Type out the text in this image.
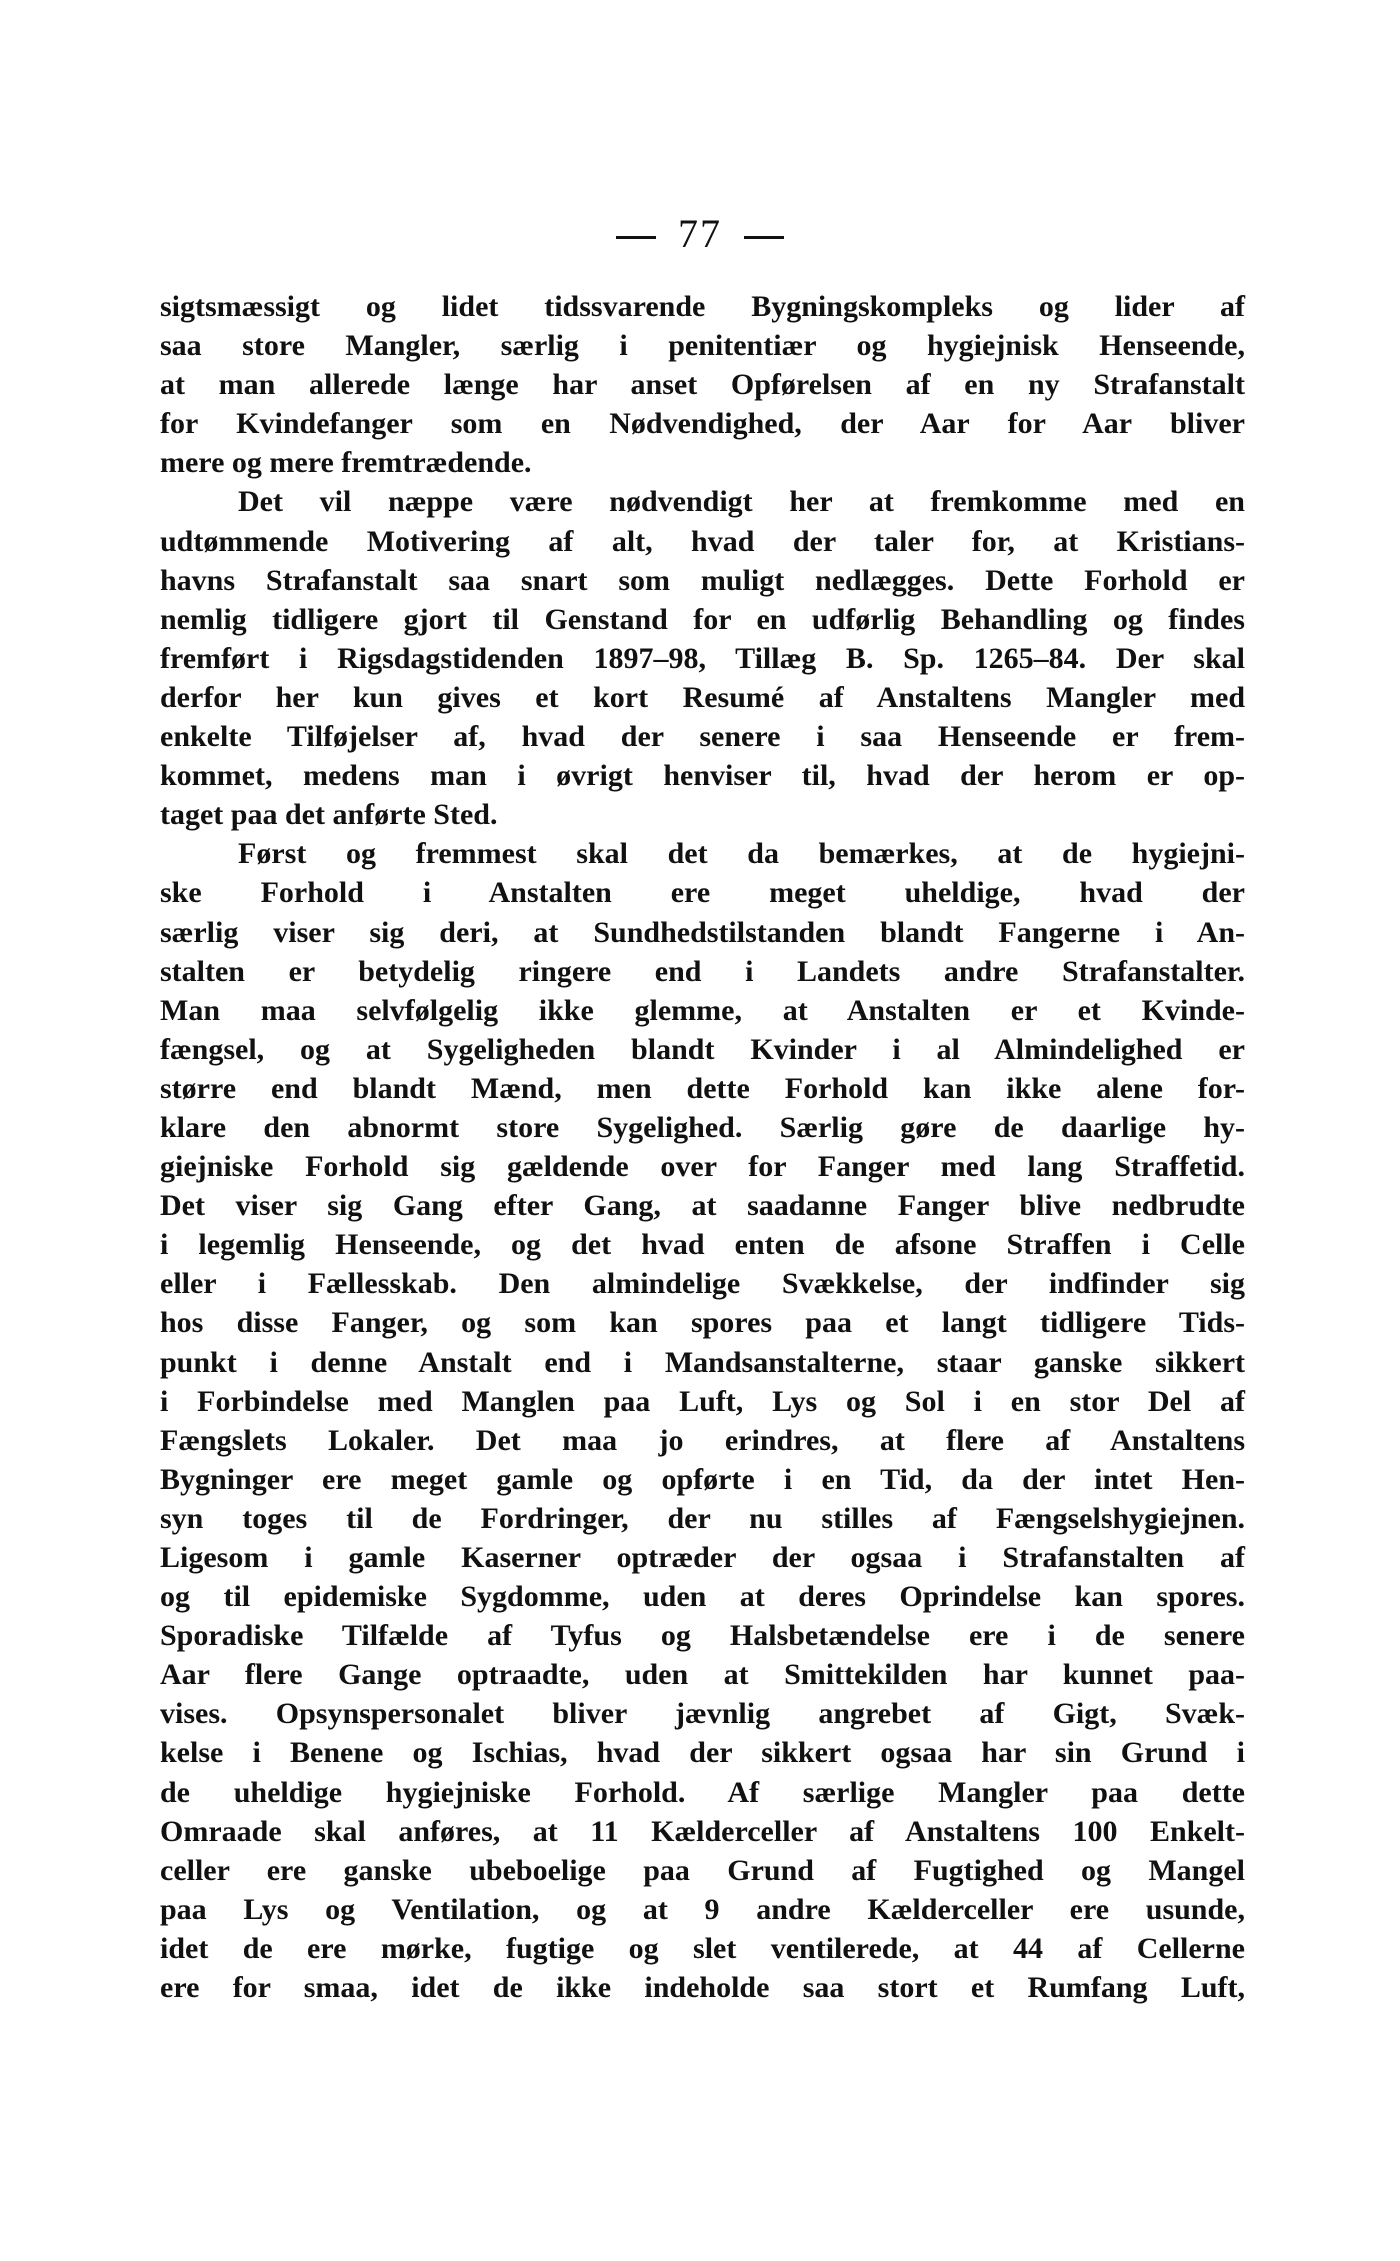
77
sigtsmæssigt og lidet tidssvarende Bygningskompleks og lider af
saa store Mangler, særlig i penitentiær og hygiejnisk Henseende,
at man allerede længe har anset Opførelsen af en ny Strafanstalt
for Kvindefanger som en Nødvendighed, der Aar for Aar bliver
mere og mere fremtrædende.
Det vil næppe være nødvendigt her at fremkomme med en
udtømmende Motivering af alt, hvad der taler for, at Kristians-
havns Strafanstalt saa snart som muligt nedlægges. Dette Forhold er
nemlig tidligere gjort til Genstand for en udførlig Behandling og findes
fremført i Rigsdagstidenden 1897–98, Tillæg B. Sp. 1265–84. Der skal
derfor her kun gives et kort Resumé af Anstaltens Mangler med
enkelte Tilføjelser af, hvad der senere i saa Henseende er frem-
kommet, medens man i øvrigt henviser til, hvad der herom er op-
taget paa det anførte Sted.
Først og fremmest skal det da bemærkes, at de hygiejni-
ske Forhold i Anstalten ere meget uheldige, hvad der
særlig viser sig deri, at Sundhedstilstanden blandt Fangerne i An-
stalten er betydelig ringere end i Landets andre Strafanstalter.
Man maa selvfølgelig ikke glemme, at Anstalten er et Kvinde-
fængsel, og at Sygeligheden blandt Kvinder i al Almindelighed er
større end blandt Mænd, men dette Forhold kan ikke alene for-
klare den abnormt store Sygelighed. Særlig gøre de daarlige hy-
giejniske Forhold sig gældende over for Fanger med lang Straffetid.
Det viser sig Gang efter Gang, at saadanne Fanger blive nedbrudte
i legemlig Henseende, og det hvad enten de afsone Straffen i Celle
eller i Fællesskab. Den almindelige Svækkelse, der indfinder sig
hos disse Fanger, og som kan spores paa et langt tidligere Tids-
punkt i denne Anstalt end i Mandsanstalterne, staar ganske sikkert
i Forbindelse med Manglen paa Luft, Lys og Sol i en stor Del af
Fængslets Lokaler. Det maa jo erindres, at flere af Anstaltens
Bygninger ere meget gamle og opførte i en Tid, da der intet Hen-
syn toges til de Fordringer, der nu stilles af Fængselshygiejnen.
Ligesom i gamle Kaserner optræder der ogsaa i Strafanstalten af
og til epidemiske Sygdomme, uden at deres Oprindelse kan spores.
Sporadiske Tilfælde af Tyfus og Halsbetændelse ere i de senere
Aar flere Gange optraadte, uden at Smittekilden har kunnet paa-
vises. Opsynspersonalet bliver jævnlig angrebet af Gigt, Svæk-
kelse i Benene og Ischias, hvad der sikkert ogsaa har sin Grund i
de uheldige hygiejniske Forhold. Af særlige Mangler paa dette
Omraade skal anføres, at 11 Kælderceller af Anstaltens 100 Enkelt-
celler ere ganske ubeboelige paa Grund af Fugtighed og Mangel
paa Lys og Ventilation, og at 9 andre Kælderceller ere usunde,
idet de ere mørke, fugtige og slet ventilerede, at 44 af Cellerne
ere for smaa, idet de ikke indeholde saa stort et Rumfang Luft,
